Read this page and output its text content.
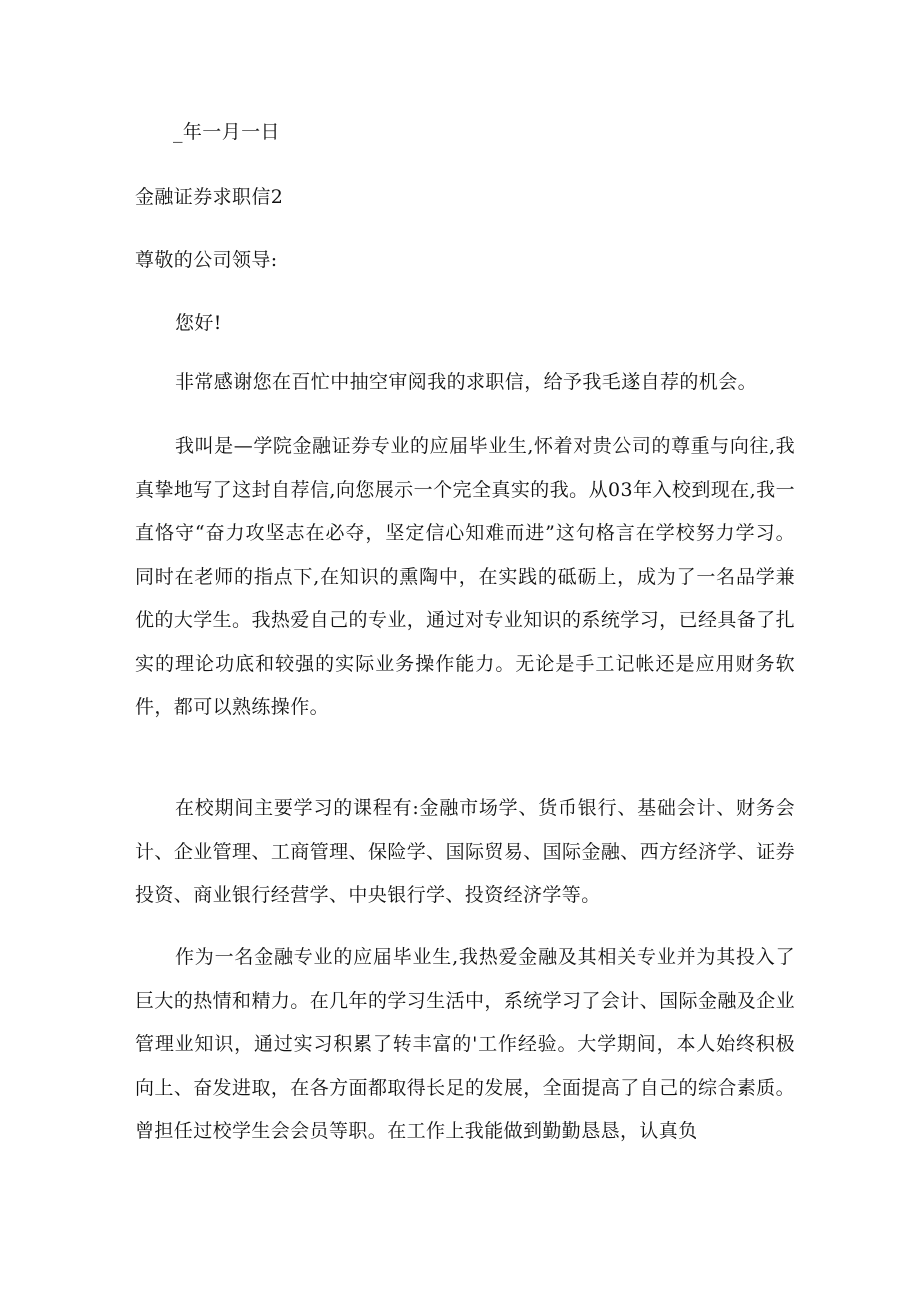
_年一月一日
金融证券求职信2
尊敬的公司领导:
您好!

非常感谢您在百忙中抽空审阅我的求职信，给予我毛遂自荐的机会。

我叫是—学院金融证券专业的应届毕业生,怀着对贵公司的尊重与向往,我真挚地写了这封自荐信,向您展示一个完全真实的我。从03年入校到现在,我一直恪守“奋力攻坚志在必夺，坚定信心知难而进”这句格言在学校努力学习。同时在老师的指点下,在知识的熏陶中，在实践的砥砺上，成为了一名品学兼优的大学生。我热爱自己的专业，通过对专业知识的系统学习，已经具备了扎实的理论功底和较强的实际业务操作能力。无论是手工记帐还是应用财务软件，都可以熟练操作。

在校期间主要学习的课程有:金融市场学、货币银行、基础会计、财务会计、企业管理、工商管理、保险学、国际贸易、国际金融、西方经济学、证券投资、商业银行经营学、中央银行学、投资经济学等。

作为一名金融专业的应届毕业生,我热爱金融及其相关专业并为其投入了巨大的热情和精力。在几年的学习生活中，系统学习了会计、国际金融及企业管理业知识，通过实习积累了转丰富的'工作经验。大学期间，本人始终积极向上、奋发进取，在各方面都取得长足的发展，全面提高了自己的综合素质。曾担任过校学生会会员等职。在工作上我能做到勤勤恳恳，认真负
